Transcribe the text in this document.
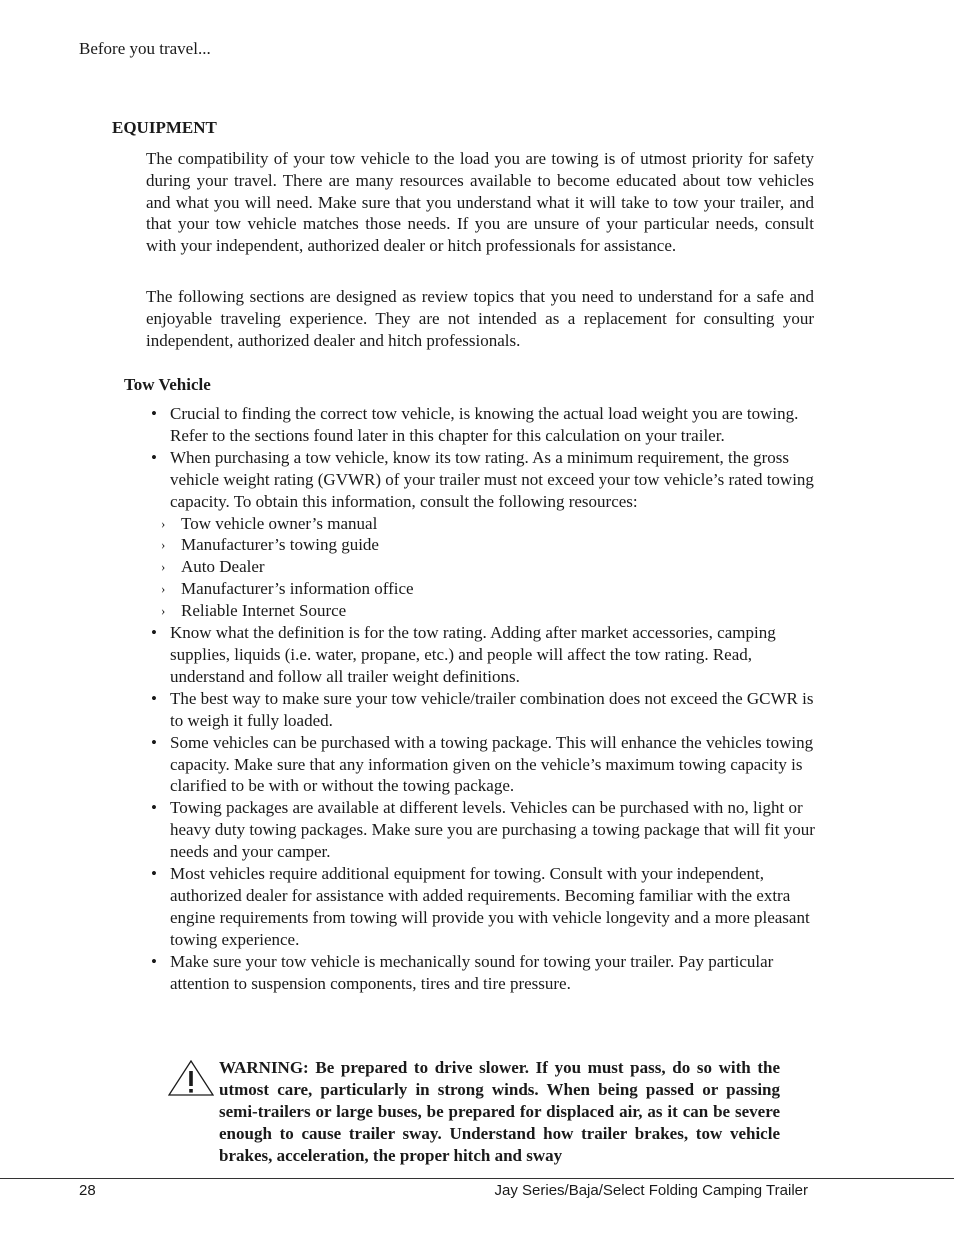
Before you travel...
EQUIPMENT

The compatibility of your tow vehicle to the load you are towing is of utmost priority for safety during your travel. There are many resources available to become educated about tow vehicles and what you will need. Make sure that you understand what it will take to tow your trailer, and that your tow vehicle matches those needs. If you are unsure of your particular needs, consult with your independent, authorized dealer or hitch professionals for assistance.

The following sections are designed as review topics that you need to understand for a safe and enjoyable traveling experience. They are not intended as a replacement for consulting your independent, authorized dealer and hitch professionals.

Tow Vehicle
• Crucial to finding the correct tow vehicle, is knowing the actual load weight you are towing. Refer to the sections found later in this chapter for this calculation on your trailer.
• When purchasing a tow vehicle, know its tow rating. As a minimum requirement, the gross vehicle weight rating (GVWR) of your trailer must not exceed your tow vehicle’s rated towing capacity. To obtain this information, consult the following resources:
› Tow vehicle owner’s manual
› Manufacturer’s towing guide
› Auto Dealer
› Manufacturer’s information office
› Reliable Internet Source
• Know what the definition is for the tow rating. Adding after market accessories, camping supplies, liquids (i.e. water, propane, etc.) and people will affect the tow rating. Read, understand and follow all trailer weight definitions.
• The best way to make sure your tow vehicle/trailer combination does not exceed the GCWR is to weigh it fully loaded.
• Some vehicles can be purchased with a towing package. This will enhance the vehicles towing capacity. Make sure that any information given on the vehicle’s maximum towing capacity is clarified to be with or without the towing package.
• Towing packages are available at different levels. Vehicles can be purchased with no, light or heavy duty towing packages. Make sure you are purchasing a towing package that will fit your needs and your camper.
• Most vehicles require additional equipment for towing. Consult with your independent, authorized dealer for assistance with added requirements. Becoming familiar with the extra engine requirements from towing will provide you with vehicle longevity and a more pleasant towing experience.
• Make sure your tow vehicle is mechanically sound for towing your trailer. Pay particular attention to suspension components, tires and tire pressure.

WARNING: Be prepared to drive slower. If you must pass, do so with the utmost care, particularly in strong winds. When being passed or passing semi-trailers or large buses, be prepared for displaced air, as it can be severe enough to cause trailer sway. Understand how trailer brakes, tow vehicle brakes, acceleration, the proper hitch and sway

28	Jay Series/Baja/Select Folding Camping Trailer
